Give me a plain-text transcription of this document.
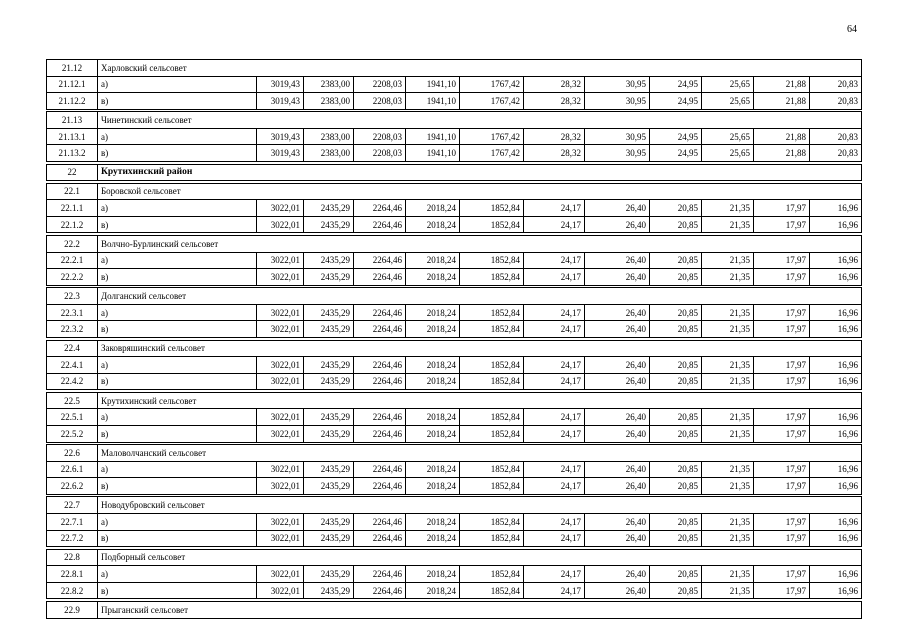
64
21.12	Харловский сельсовет											
21.12.1	а)	3019,43	2383,00	2208,03	1941,10	1767,42	28,32	30,95	24,95	25,65	21,88	20,83
21.12.2	в)	3019,43	2383,00	2208,03	1941,10	1767,42	28,32	30,95	24,95	25,65	21,88	20,83

21.13	Чинетинский сельсовет											
21.13.1	а)	3019,43	2383,00	2208,03	1941,10	1767,42	28,32	30,95	24,95	25,65	21,88	20,83
21.13.2	в)	3019,43	2383,00	2208,03	1941,10	1767,42	28,32	30,95	24,95	25,65	21,88	20,83

22	Крутихинский район											

22.1	Боровской сельсовет											
22.1.1	а)	3022,01	2435,29	2264,46	2018,24	1852,84	24,17	26,40	20,85	21,35	17,97	16,96
22.1.2	в)	3022,01	2435,29	2264,46	2018,24	1852,84	24,17	26,40	20,85	21,35	17,97	16,96

22.2	Волчно-Бурлинский сельсовет											
22.2.1	а)	3022,01	2435,29	2264,46	2018,24	1852,84	24,17	26,40	20,85	21,35	17,97	16,96
22.2.2	в)	3022,01	2435,29	2264,46	2018,24	1852,84	24,17	26,40	20,85	21,35	17,97	16,96

22.3	Долганский сельсовет											
22.3.1	а)	3022,01	2435,29	2264,46	2018,24	1852,84	24,17	26,40	20,85	21,35	17,97	16,96
22.3.2	в)	3022,01	2435,29	2264,46	2018,24	1852,84	24,17	26,40	20,85	21,35	17,97	16,96

22.4	Заковряшинский сельсовет											
22.4.1	а)	3022,01	2435,29	2264,46	2018,24	1852,84	24,17	26,40	20,85	21,35	17,97	16,96
22.4.2	в)	3022,01	2435,29	2264,46	2018,24	1852,84	24,17	26,40	20,85	21,35	17,97	16,96

22.5	Крутихинский сельсовет											
22.5.1	а)	3022,01	2435,29	2264,46	2018,24	1852,84	24,17	26,40	20,85	21,35	17,97	16,96
22.5.2	в)	3022,01	2435,29	2264,46	2018,24	1852,84	24,17	26,40	20,85	21,35	17,97	16,96

22.6	Маловолчанский сельсовет											
22.6.1	а)	3022,01	2435,29	2264,46	2018,24	1852,84	24,17	26,40	20,85	21,35	17,97	16,96
22.6.2	в)	3022,01	2435,29	2264,46	2018,24	1852,84	24,17	26,40	20,85	21,35	17,97	16,96

22.7	Новодубровский сельсовет											
22.7.1	а)	3022,01	2435,29	2264,46	2018,24	1852,84	24,17	26,40	20,85	21,35	17,97	16,96
22.7.2	в)	3022,01	2435,29	2264,46	2018,24	1852,84	24,17	26,40	20,85	21,35	17,97	16,96

22.8	Подборный сельсовет											
22.8.1	а)	3022,01	2435,29	2264,46	2018,24	1852,84	24,17	26,40	20,85	21,35	17,97	16,96
22.8.2	в)	3022,01	2435,29	2264,46	2018,24	1852,84	24,17	26,40	20,85	21,35	17,97	16,96

22.9	Прыганский сельсовет											
